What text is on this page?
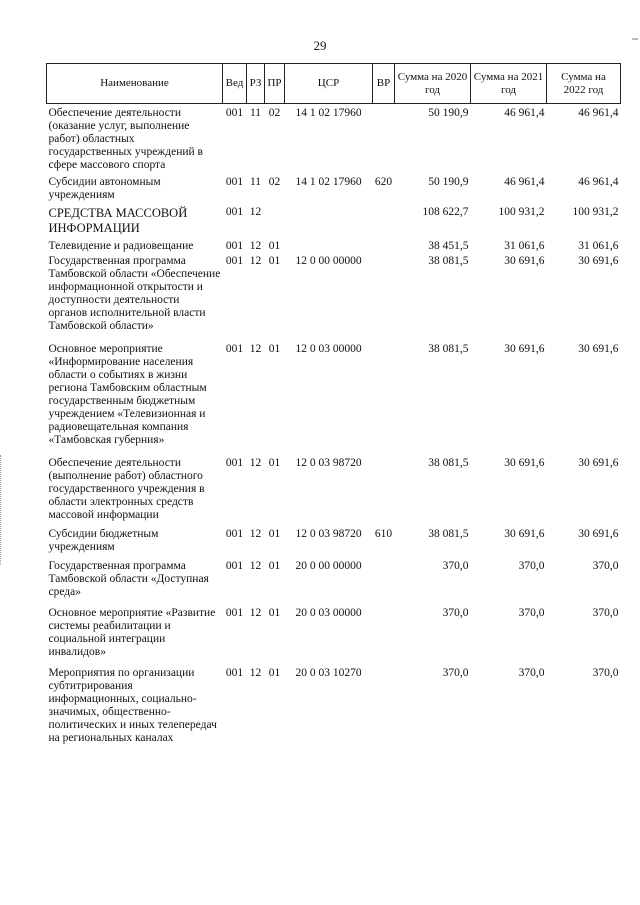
29
Наименование	Вед	РЗ	ПР	ЦСР	ВР	Сумма на 2020 год	Сумма на 2021 год	Сумма на 2022 год
Обеспечение деятельности (оказание услуг, выполнение работ) областных государственных учреждений в сфере массового спорта	001	11	02	14 1 02 17960		50 190,9	46 961,4	46 961,4
Субсидии автономным учреждениям	001	11	02	14 1 02 17960	620	50 190,9	46 961,4	46 961,4
СРЕДСТВА МАССОВОЙ ИНФОРМАЦИИ	001	12				108 622,7	100 931,2	100 931,2
Телевидение и радиовещание	001	12	01			38 451,5	31 061,6	31 061,6
Государственная программа Тамбовской области «Обеспечение информационной открытости и доступности деятельности органов исполнительной власти Тамбовской области»	001	12	01	12 0 00 00000		38 081,5	30 691,6	30 691,6
Основное мероприятие «Информирование населения области о событиях в жизни региона Тамбовским областным государственным бюджетным учреждением «Телевизионная и радиовещательная компания «Тамбовская губерния»	001	12	01	12 0 03 00000		38 081,5	30 691,6	30 691,6
Обеспечение деятельности (выполнение работ) областного государственного учреждения в области электронных средств массовой информации	001	12	01	12 0 03 98720		38 081,5	30 691,6	30 691,6
Субсидии бюджетным учреждениям	001	12	01	12 0 03 98720	610	38 081,5	30 691,6	30 691,6
Государственная программа Тамбовской области «Доступная среда»	001	12	01	20 0 00 00000		370,0	370,0	370,0
Основное мероприятие «Развитие системы реабилитации и социальной интеграции инвалидов»	001	12	01	20 0 03 00000		370,0	370,0	370,0
Мероприятия по организации субтитрирования информационных, социально-значимых, общественно-политических и иных телепередач на региональных каналах	001	12	01	20 0 03 10270		370,0	370,0	370,0
